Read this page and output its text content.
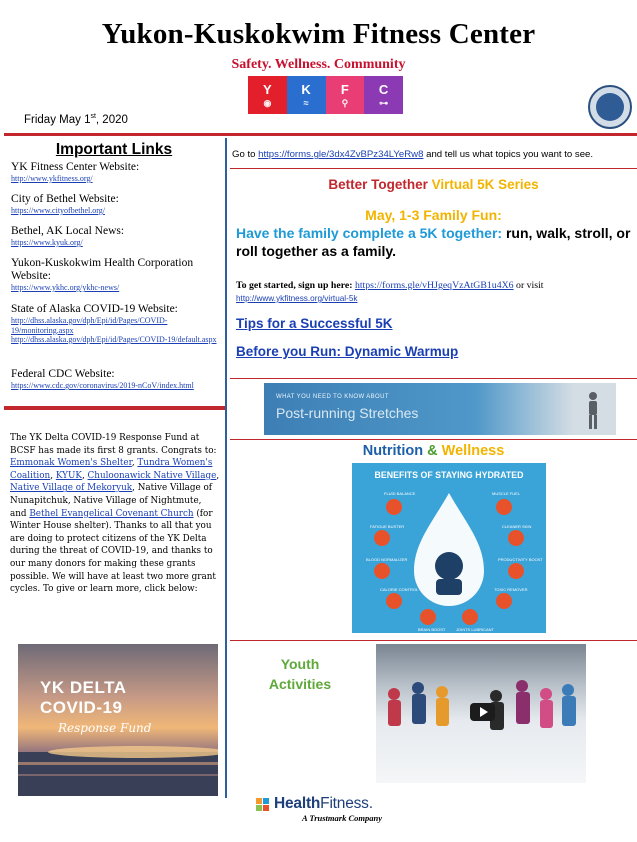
Yukon-Kuskokwim Fitness Center
Safety. Wellness. Community
Y
◉
K
≈
F
⚲
C
⊶
Friday May 1st, 2020
Important Links
YK Fitness Center Website:
http://www.ykfitness.org/
City of Bethel Website:
https://www.cityofbethel.org/
Bethel, AK Local News:
https://www.kyuk.org/
Yukon-Kuskokwim Health Corporation Website:
https://www.ykhc.org/ykhc-news/
State of Alaska COVID-19 Website:
http://dhss.alaska.gov/dph/Epi/id/Pages/COVID-19/monitoring.aspx
http://dhss.alaska.gov/dph/Epi/id/Pages/COVID-19/default.aspx
Federal CDC Website:
https://www.cdc.gov/coronavirus/2019-nCoV/index.html
The YK Delta COVID-19 Response Fund at BCSF has made its first 8 grants. Congrats to: Emmonak Women's Shelter, Tundra Women's Coalition, KYUK, Chuloonawick Native Village, Native Village of Mekoryuk, Native Village of Nunapitchuk, Native Village of Nightmute, and Bethel Evangelical Covenant Church (for Winter House shelter). Thanks to all that you are doing to protect citizens of the YK Delta during the threat of COVID-19, and thanks to our many donors for making these grants possible. We will have at least two more grant cycles. To give or learn more, click below:
YK DELTA
COVID-19
Response Fund
Go to https://forms.gle/3dx4ZvBPz34LYeRw8 and tell us what topics you want to see.
Better Together Virtual 5K Series
May, 1-3 Family Fun:
Have the family complete a 5K together: run, walk, stroll, or roll together as a family.
To get started, sign up here: https://forms.gle/vHJgeqVzAtGB1u4X6 or visit
http://www.ykfitness.org/virtual-5k
Tips for a Successful 5K
Before you Run: Dynamic Warmup
WHAT YOU NEED TO KNOW ABOUT
Post-running Stretches
Nutrition & Wellness
BENEFITS OF STAYING HYDRATED
FLUID BALANCE	MUSCLE FUEL
FATIGUE BUSTER	CLEANER SKIN
BLOOD NORMALIZER	PRODUCTIVITY BOOST
CALORIE CONTROL	TOXIC REMOVER
BRAIN BOOST	JOINTS LUBRICANT
Youth
Activities
HealthFitness.
A Trustmark Company
